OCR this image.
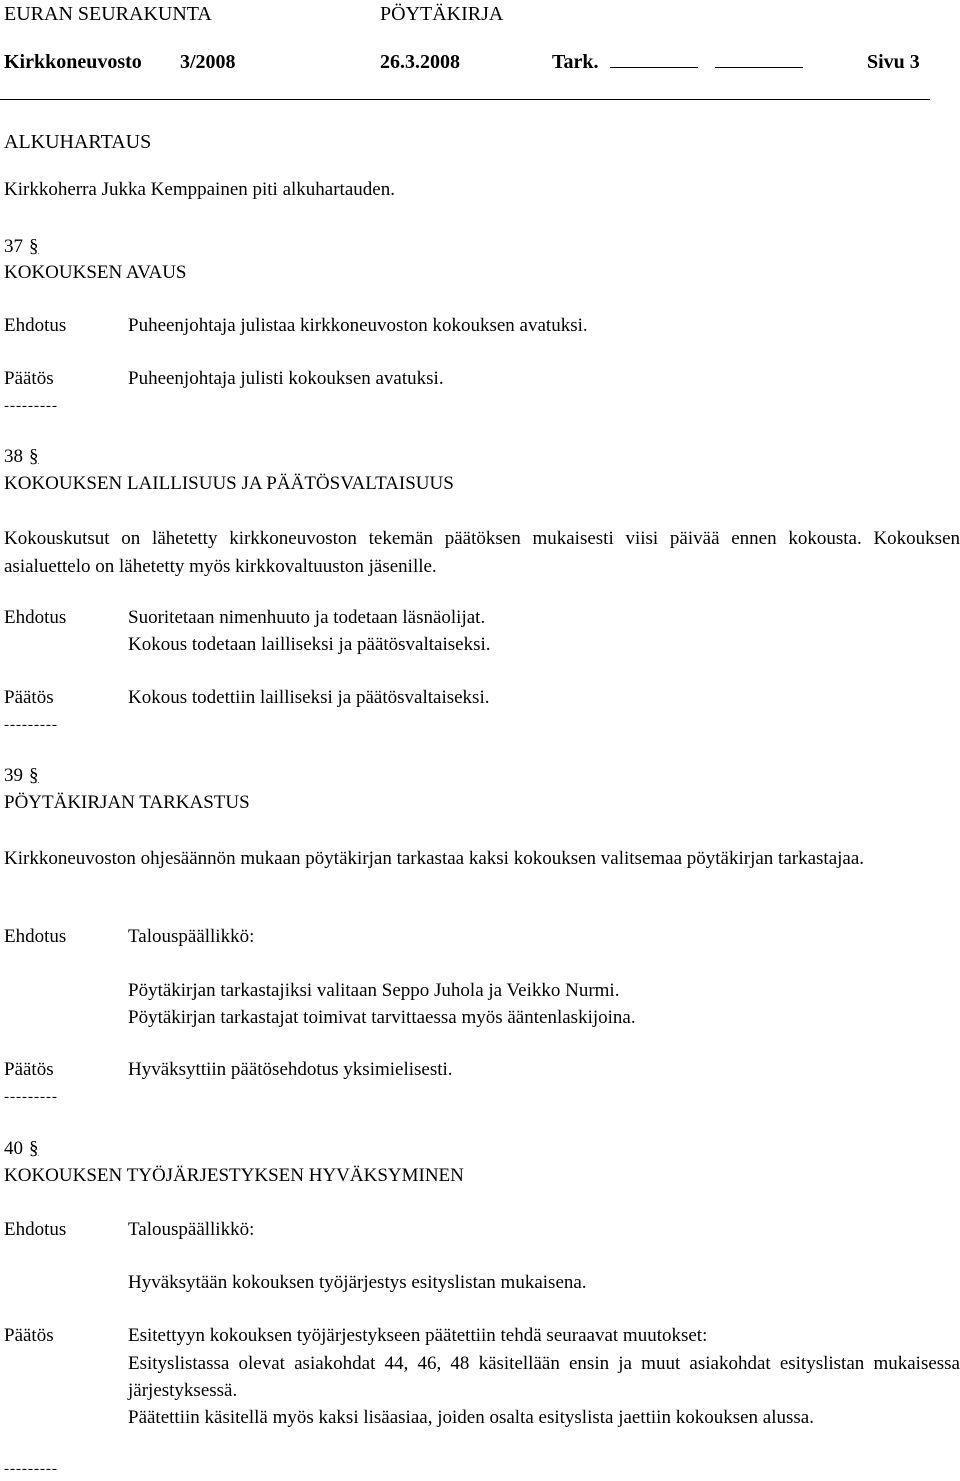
EURAN SEURAKUNTA	PÖYTÄKIRJA
Kirkkoneuvosto 3/2008	26.3.2008	Tark.	Sivu 3
ALKUHARTAUS
Kirkkoherra Jukka Kemppainen piti alkuhartauden.
37 §
KOKOUKSEN AVAUS
Ehdotus	Puheenjohtaja julistaa kirkkoneuvoston kokouksen avatuksi.
Päätös	Puheenjohtaja julisti kokouksen avatuksi.
---------
38 §
KOKOUKSEN LAILLISUUS JA PÄÄTÖSVALTAISUUS
Kokouskutsut on lähetetty kirkkoneuvoston tekemän päätöksen mukaisesti viisi päivää ennen kokousta. Kokouksen asialuettelo on lähetetty myös kirkkovaltuuston jäsenille.
Ehdotus	Suoritetaan nimenhuuto ja todetaan läsnäolijat.
Kokous todetaan lailliseksi ja päätösvaltaiseksi.
Päätös	Kokous todettiin lailliseksi ja päätösvaltaiseksi.
---------
39 §
PÖYTÄKIRJAN TARKASTUS
Kirkkoneuvoston ohjesäännön mukaan pöytäkirjan tarkastaa kaksi kokouksen valitsemaa pöytäkirjan tarkastajaa.
Ehdotus	Talouspäällikkö:
Pöytäkirjan tarkastajiksi valitaan Seppo Juhola ja Veikko Nurmi.
Pöytäkirjan tarkastajat toimivat tarvittaessa myös ääntenlaskijoina.
Päätös	Hyväksyttiin päätösehdotus yksimielisesti.
---------
40 §
KOKOUKSEN TYÖJÄRJESTYKSEN HYVÄKSYMINEN
Ehdotus	Talouspäällikkö:
Hyväksytään kokouksen työjärjestys esityslistan mukaisena.
Päätös	Esitettyyn kokouksen työjärjestykseen päätettiin tehdä seuraavat muutokset:
Esityslistassa olevat asiakohdat 44, 46, 48 käsitellään ensin ja muut asiakohdat esityslistan mukaisessa järjestyksessä.
Päätettiin käsitellä myös kaksi lisäasiaa, joiden osalta esityslista jaettiin kokouksen alussa.
---------
